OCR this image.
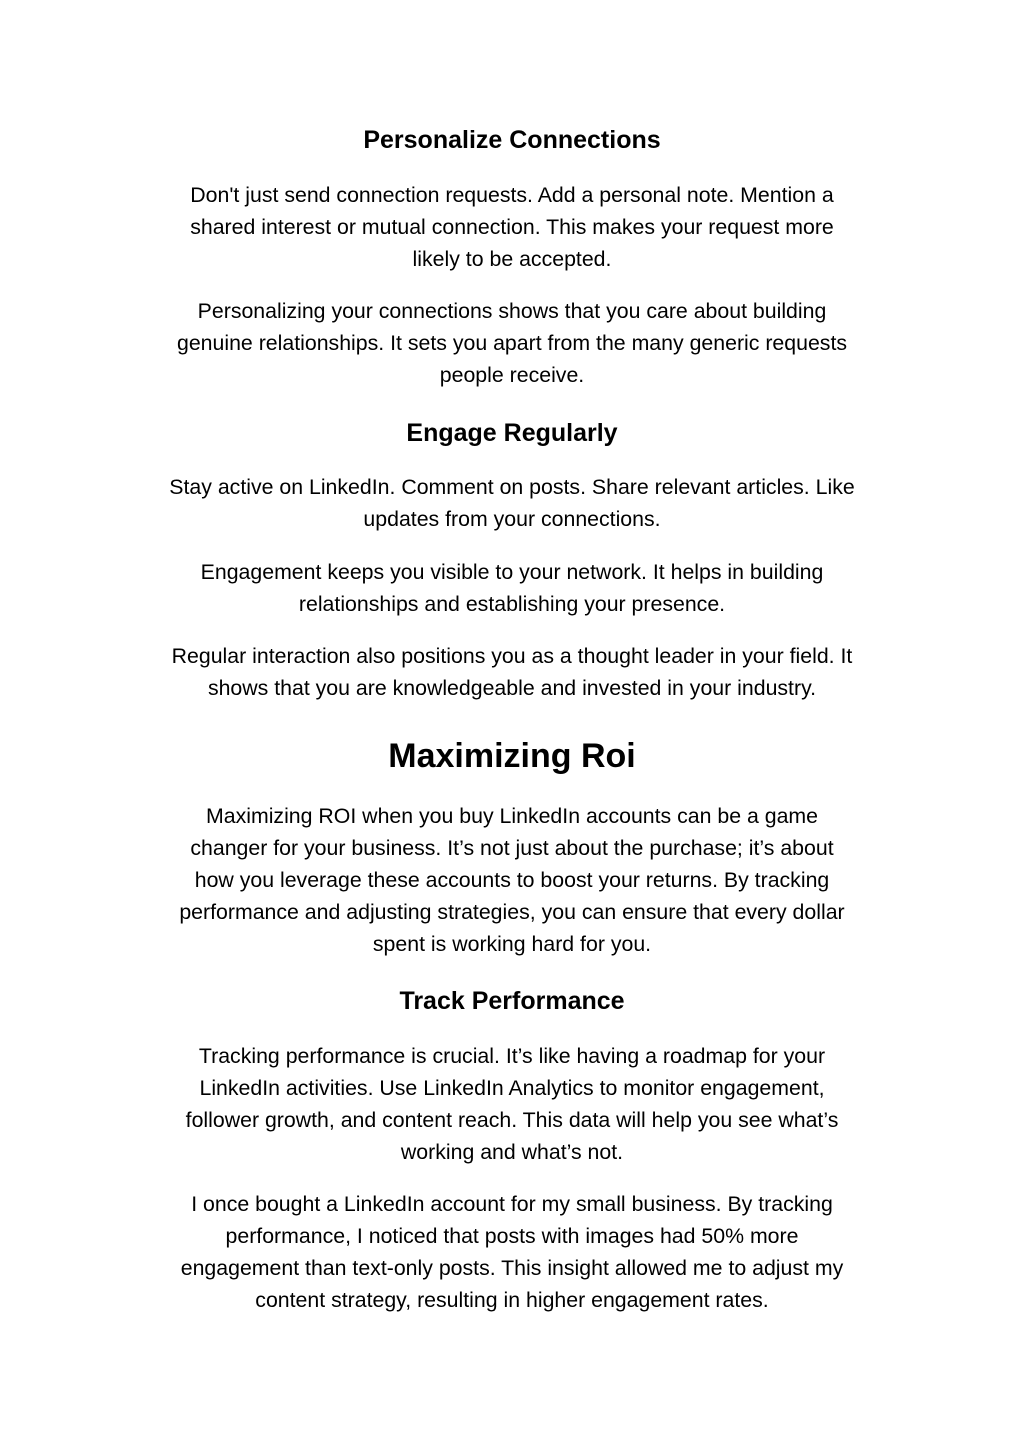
Personalize Connections

Don't just send connection requests. Add a personal note. Mention a
shared interest or mutual connection. This makes your request more
likely to be accepted.

Personalizing your connections shows that you care about building
genuine relationships. It sets you apart from the many generic requests
people receive.

Engage Regularly

Stay active on LinkedIn. Comment on posts. Share relevant articles. Like
updates from your connections.

Engagement keeps you visible to your network. It helps in building
relationships and establishing your presence.

Regular interaction also positions you as a thought leader in your field. It
shows that you are knowledgeable and invested in your industry.

Maximizing Roi

Maximizing ROI when you buy LinkedIn accounts can be a game
changer for your business. It’s not just about the purchase; it’s about
how you leverage these accounts to boost your returns. By tracking
performance and adjusting strategies, you can ensure that every dollar
spent is working hard for you.

Track Performance

Tracking performance is crucial. It’s like having a roadmap for your
LinkedIn activities. Use LinkedIn Analytics to monitor engagement,
follower growth, and content reach. This data will help you see what’s
working and what’s not.

I once bought a LinkedIn account for my small business. By tracking
performance, I noticed that posts with images had 50% more
engagement than text-only posts. This insight allowed me to adjust my
content strategy, resulting in higher engagement rates.
